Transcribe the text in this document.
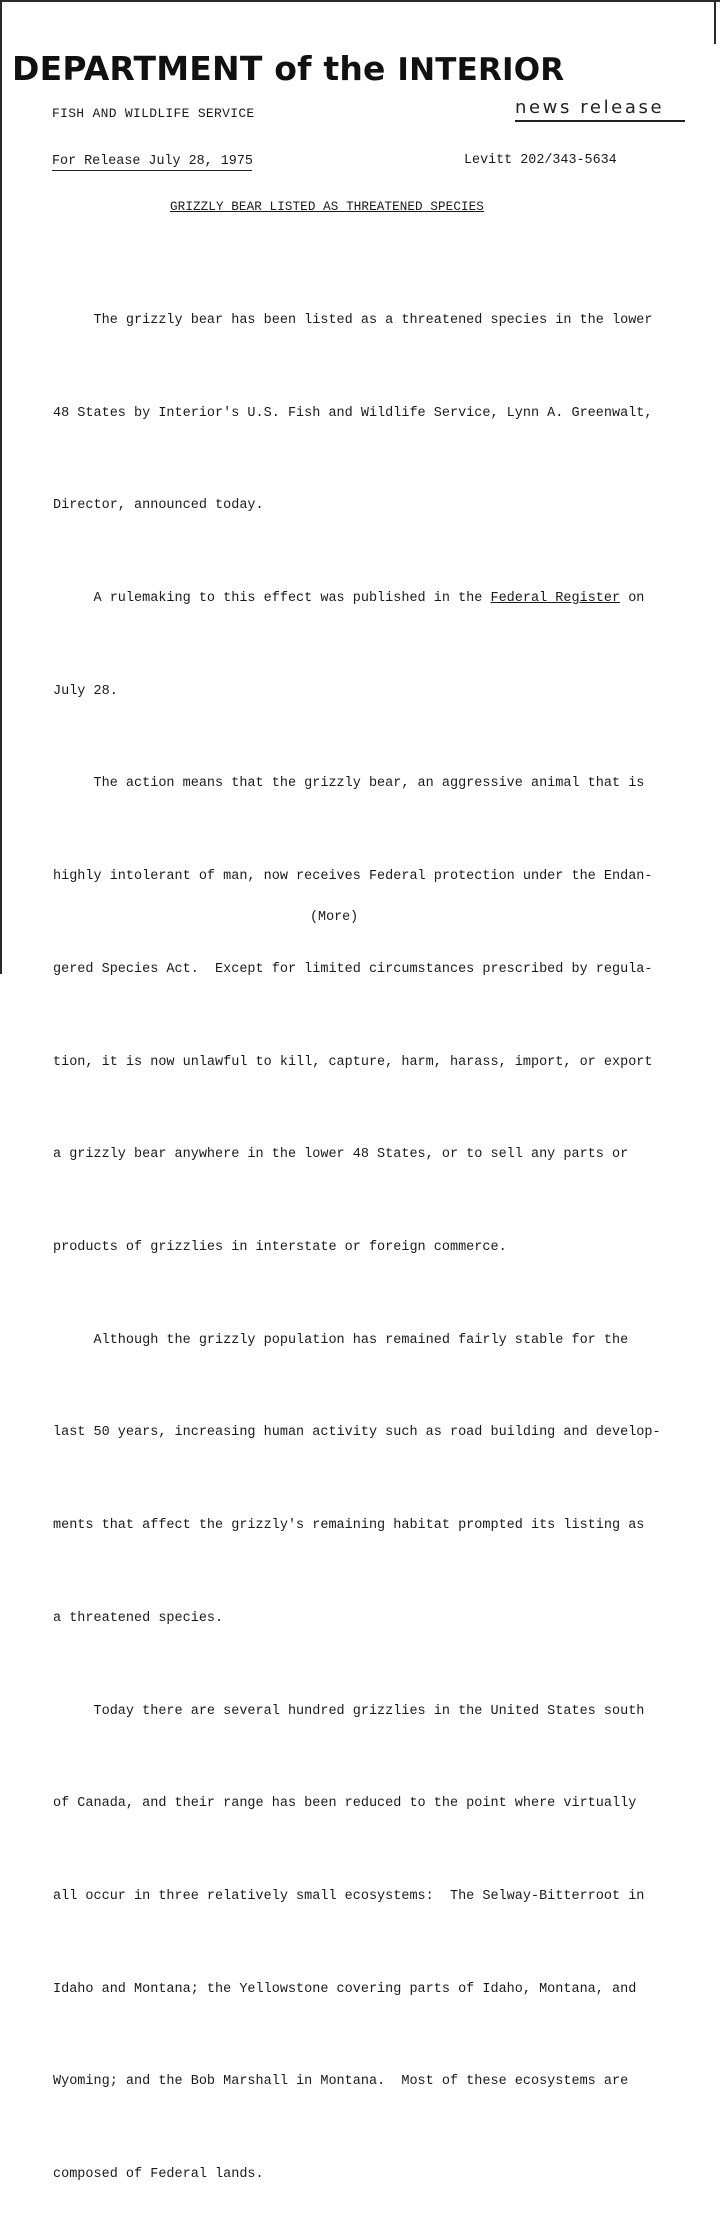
DEPARTMENT of the INTERIOR
FISH AND WILDLIFE SERVICE	news release
For Release July 28, 1975	Levitt 202/343-5634
GRIZZLY BEAR LISTED AS THREATENED SPECIES

The grizzly bear has been listed as a threatened species in the lower

48 States by Interior's U.S. Fish and Wildlife Service, Lynn A. Greenwalt,

Director, announced today.

A rulemaking to this effect was published in the Federal Register on

July 28.

The action means that the grizzly bear, an aggressive animal that is

highly intolerant of man, now receives Federal protection under the Endan-

gered Species Act.  Except for limited circumstances prescribed by regula-

tion, it is now unlawful to kill, capture, harm, harass, import, or export

a grizzly bear anywhere in the lower 48 States, or to sell any parts or

products of grizzlies in interstate or foreign commerce.

Although the grizzly population has remained fairly stable for the

last 50 years, increasing human activity such as road building and develop-

ments that affect the grizzly's remaining habitat prompted its listing as

a threatened species.

Today there are several hundred grizzlies in the United States south

of Canada, and their range has been reduced to the point where virtually

all occur in three relatively small ecosystems:  The Selway-Bitterroot in

Idaho and Montana; the Yellowstone covering parts of Idaho, Montana, and

Wyoming; and the Bob Marshall in Montana.  Most of these ecosystems are

composed of Federal lands.

(More)
